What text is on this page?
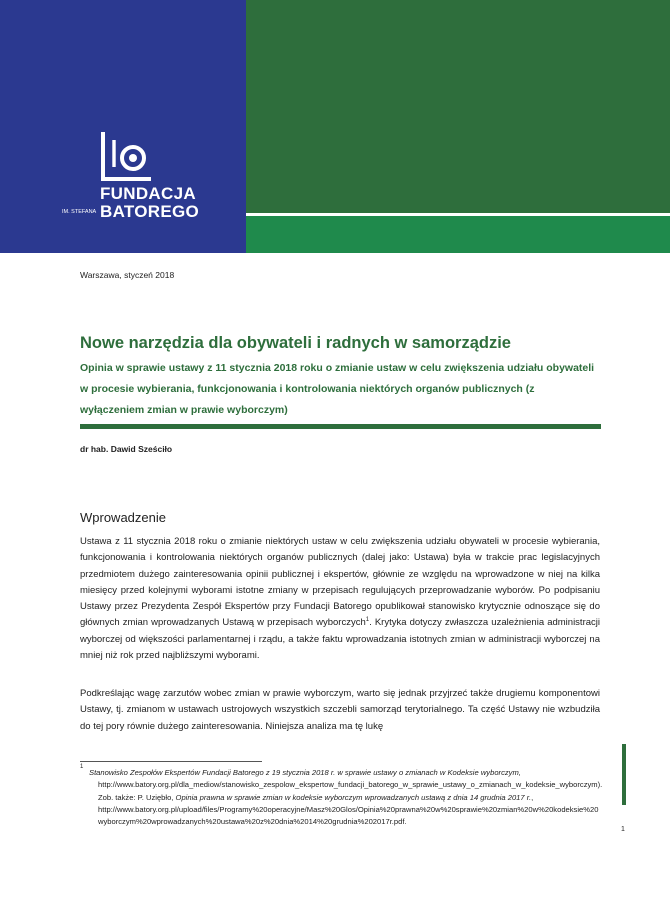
FUNDACJA
IM. STEFANA BATOREGO
Warszawa, styczeń 2018
Nowe narzędzia dla obywateli i radnych w samorządzie

Opinia w sprawie ustawy z 11 stycznia 2018 roku o zmianie ustaw w celu zwiększenia udziału obywateli w procesie wybierania, funkcjonowania i kontrolowania niektórych organów publicznych (z wyłączeniem zmian w prawie wyborczym)

dr hab. Dawid Sześciło
Wprowadzenie

Ustawa z 11 stycznia 2018 roku o zmianie niektórych ustaw w celu zwiększenia udziału obywateli w procesie wybierania, funkcjonowania i kontrolowania niektórych organów publicznych (dalej jako: Ustawa) była w trakcie prac legislacyjnych przedmiotem dużego zainteresowania opinii publicznej i ekspertów, głównie ze względu na wprowadzone w niej na kilka miesięcy przed kolejnymi wyborami istotne zmiany w przepisach regulujących przeprowadzanie wyborów. Po podpisaniu Ustawy przez Prezydenta Zespół Ekspertów przy Fundacji Batorego opublikował stanowisko krytycznie odnoszące się do głównych zmian wprowadzanych Ustawą w przepisach wyborczych$^1$. Krytyka dotyczy zwłaszcza uzależnienia administracji wyborczej od większości parlamentarnej i rządu, a także faktu wprowadzania istotnych zmian w administracji wyborczej na mniej niż rok przed najbliższymi wyborami.

Podkreślając wagę zarzutów wobec zmian w prawie wyborczym, warto się jednak przyjrzeć także drugiemu komponentowi Ustawy, tj. zmianom w ustawach ustrojowych wszystkich szczebli samorząd terytorialnego. Ta część Ustawy nie wzbudziła do tej pory równie dużego zainteresowania. Niniejsza analiza ma tę lukę

1
Stanowisko Zespołów Ekspertów Fundacji Batorego z 19 stycznia 2018 r. w sprawie ustawy o zmianach w Kodeksie wyborczym,
http://www.batory.org.pl/dla_mediow/stanowisko_zespolow_ekspertow_fundacji_batorego_w_sprawie_ustawy_o_zmianach_w_kodeksie_wyborczym). Zob. także: P. Uziębło, Opinia prawna w sprawie zmian w kodeksie wyborczym wprowadzanych ustawą z dnia 14 grudnia 2017 r.,
http://www.batory.org.pl/upload/files/Programy%20operacyjne/Masz%20Glos/Opinia%20prawna%20w%20sprawie%20zmian%20w%20kodeksie%20wyborczym%20wprowadzanych%20ustawa%20z%20dnia%2014%20grudnia%202017r.pdf.
1
